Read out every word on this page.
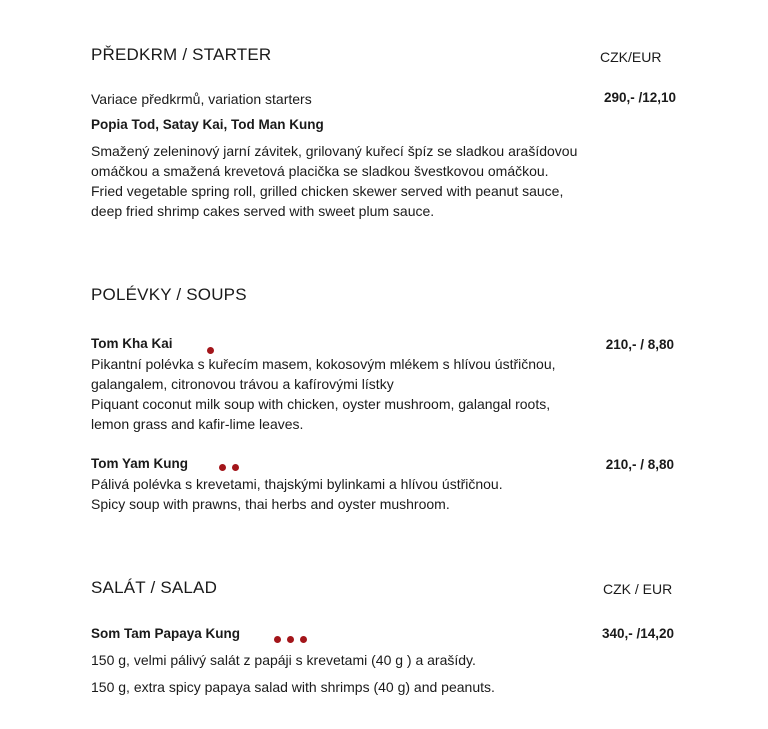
PŘEDKRM / STARTER	CZK/EUR
Variace předkrmů, variation starters	290,- /12,10
Popia Tod, Satay Kai, Tod Man Kung
Smažený zeleninový jarní závitek, grilovaný kuřecí špíz se sladkou arašídovou
omáčkou a smažená krevetová placička se sladkou švestkovou omáčkou.
Fried vegetable spring roll, grilled chicken skewer served with peanut sauce,
deep fried shrimp cakes served with sweet plum sauce.
POLÉVKY / SOUPS
Tom Kha Kai	210,- / 8,80
Pikantní polévka s kuřecím masem, kokosovým mlékem s hlívou ústřičnou,
galangalem, citronovou trávou a kafírovými lístky
Piquant coconut milk soup with chicken, oyster mushroom, galangal roots,
lemon grass and kafir-lime leaves.
Tom Yam Kung	210,- / 8,80
Pálivá polévka s krevetami, thajskými bylinkami a hlívou ústřičnou.
Spicy soup with prawns, thai herbs and oyster mushroom.
SALÁT / SALAD	CZK / EUR
Som Tam Papaya Kung	340,- /14,20
150 g, velmi pálivý salát z papáji s krevetami (40 g ) a arašídy.
150 g, extra spicy papaya salad with shrimps (40 g) and peanuts.
